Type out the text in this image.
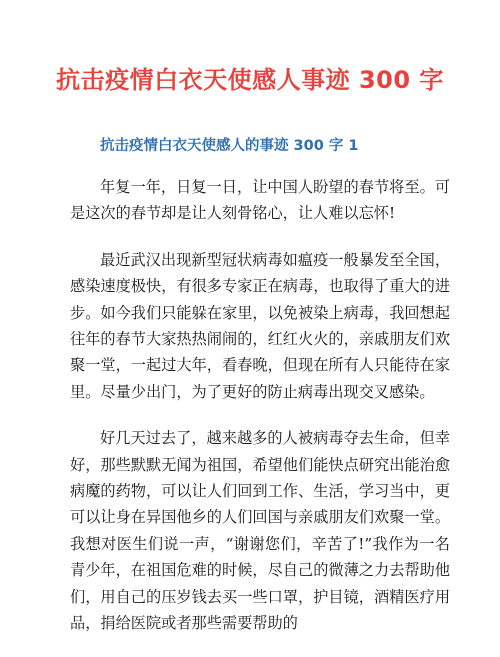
抗击疫情白衣天使感人事迹 300 字
抗击疫情白衣天使感人的事迹 300 字 1

年复一年，日复一日，让中国人盼望的春节将至。可是这次的春节却是让人刻骨铭心，让人难以忘怀!

最近武汉出现新型冠状病毒如瘟疫一般暴发至全国，感染速度极快，有很多专家正在病毒，也取得了重大的进步。如今我们只能躲在家里，以免被染上病毒，我回想起往年的春节大家热热闹闹的，红红火火的，亲戚朋友们欢聚一堂，一起过大年，看春晚，但现在所有人只能待在家里。尽量少出门，为了更好的防止病毒出现交叉感染。

好几天过去了，越来越多的人被病毒夺去生命，但幸好，那些默默无闻为祖国，希望他们能快点研究出能治愈病魔的药物，可以让人们回到工作、生活，学习当中，更可以让身在异国他乡的人们回国与亲戚朋友们欢聚一堂。我想对医生们说一声，“谢谢您们，辛苦了!”我作为一名青少年，在祖国危难的时候，尽自己的微薄之力去帮助他们，用自己的压岁钱去买一些口罩，护目镜，酒精医疗用品，捐给医院或者那些需要帮助的
